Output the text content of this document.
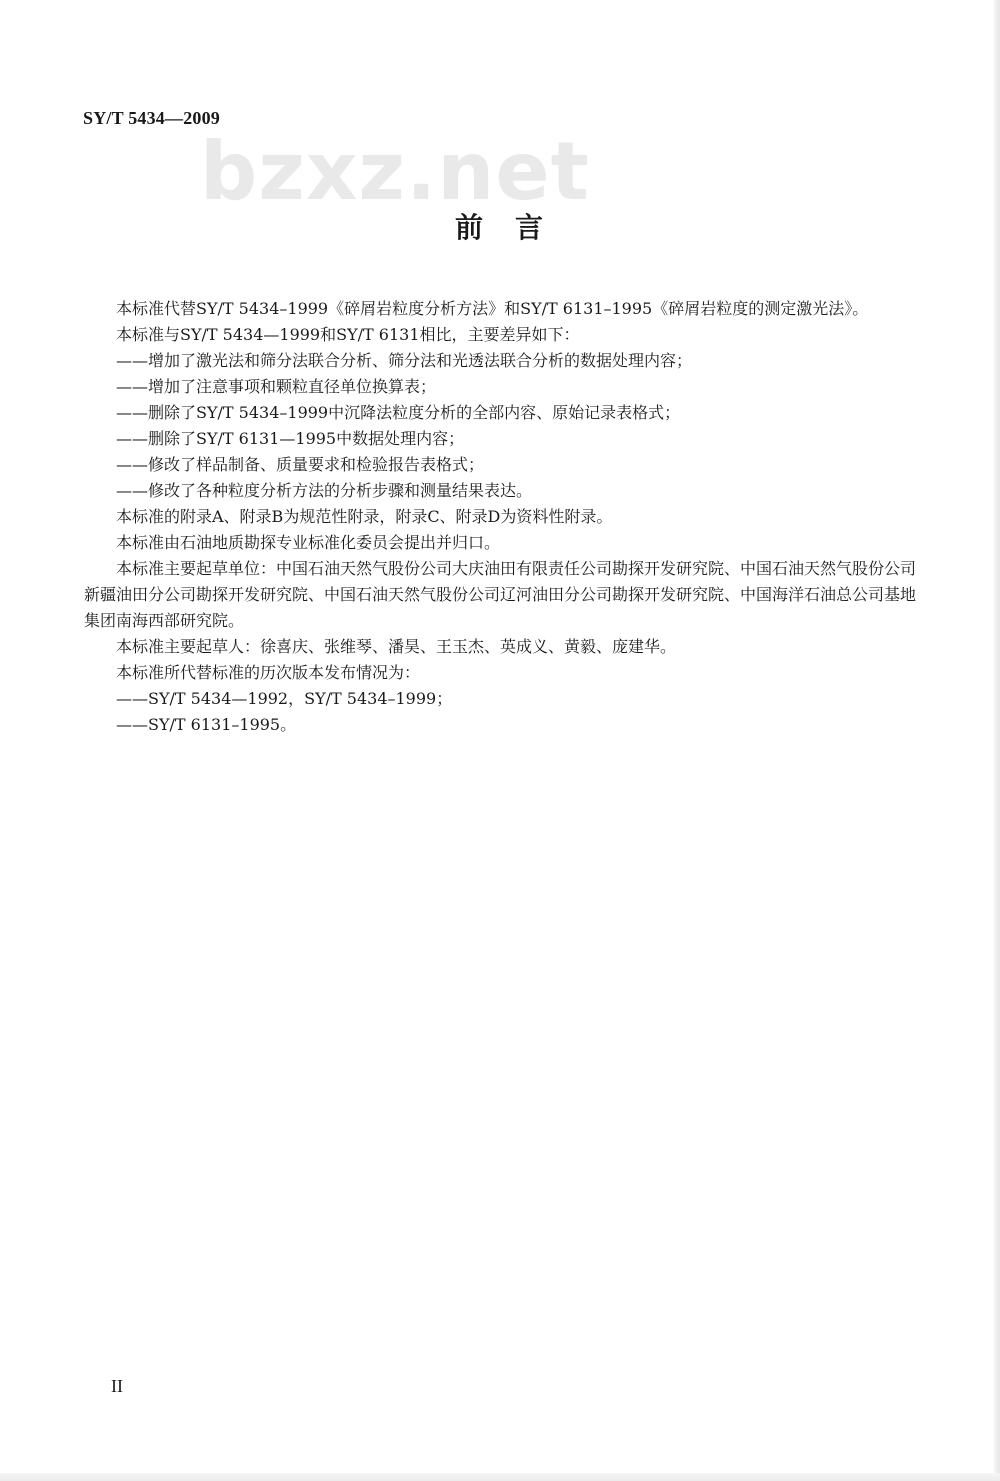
SY/T 5434—2009
bzxz.net
前　言

本标准代替SY/T 5434–1999《碎屑岩粒度分析方法》和SY/T 6131–1995《碎屑岩粒度的测定激光法》。

本标准与SY/T 5434—1999和SY/T 6131相比，主要差异如下：

——增加了激光法和筛分法联合分析、筛分法和光透法联合分析的数据处理内容；

——增加了注意事项和颗粒直径单位换算表；

——删除了SY/T 5434–1999中沉降法粒度分析的全部内容、原始记录表格式；

——删除了SY/T 6131—1995中数据处理内容；

——修改了样品制备、质量要求和检验报告表格式；

——修改了各种粒度分析方法的分析步骤和测量结果表达。

本标准的附录A、附录B为规范性附录，附录C、附录D为资料性附录。

本标准由石油地质勘探专业标准化委员会提出并归口。

本标准主要起草单位：中国石油天然气股份公司大庆油田有限责任公司勘探开发研究院、中国石油天然气股份公司新疆油田分公司勘探开发研究院、中国石油天然气股份公司辽河油田分公司勘探开发研究院、中国海洋石油总公司基地集团南海西部研究院。

本标准主要起草人：徐喜庆、张维琴、潘昊、王玉杰、英成义、黄毅、庞建华。

本标准所代替标准的历次版本发布情况为：

——SY/T 5434—1992，SY/T 5434–1999；

——SY/T 6131–1995。

II
